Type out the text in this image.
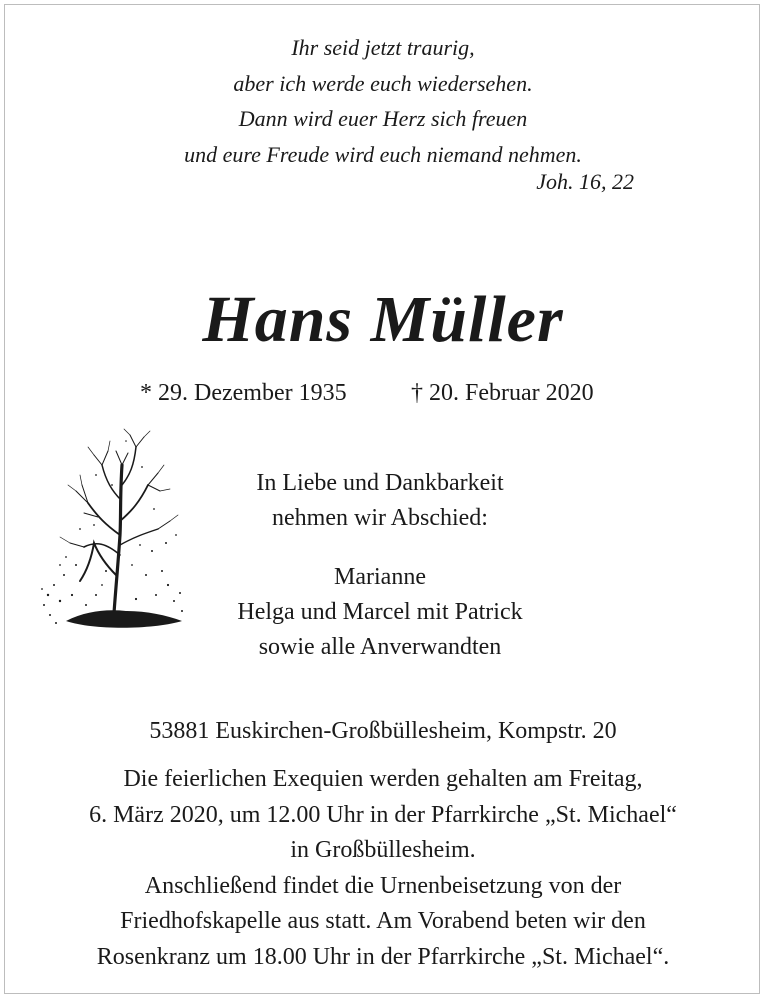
Ihr seid jetzt traurig,
aber ich werde euch wiedersehen.
Dann wird euer Herz sich freuen
und eure Freude wird euch niemand nehmen.
Joh. 16, 22
Hans Müller
* 29. Dezember 1935	† 20. Februar 2020
In Liebe und Dankbarkeit
nehmen wir Abschied:
Marianne
Helga und Marcel mit Patrick
sowie alle Anverwandten
53881 Euskirchen-Großbüllesheim, Kompstr. 20
Die feierlichen Exequien werden gehalten am Freitag,
6. März 2020, um 12.00 Uhr in der Pfarrkirche „St. Michael“
in Großbüllesheim.
Anschließend findet die Urnenbeisetzung von der
Friedhofskapelle aus statt. Am Vorabend beten wir den
Rosenkranz um 18.00 Uhr in der Pfarrkirche „St. Michael“.
